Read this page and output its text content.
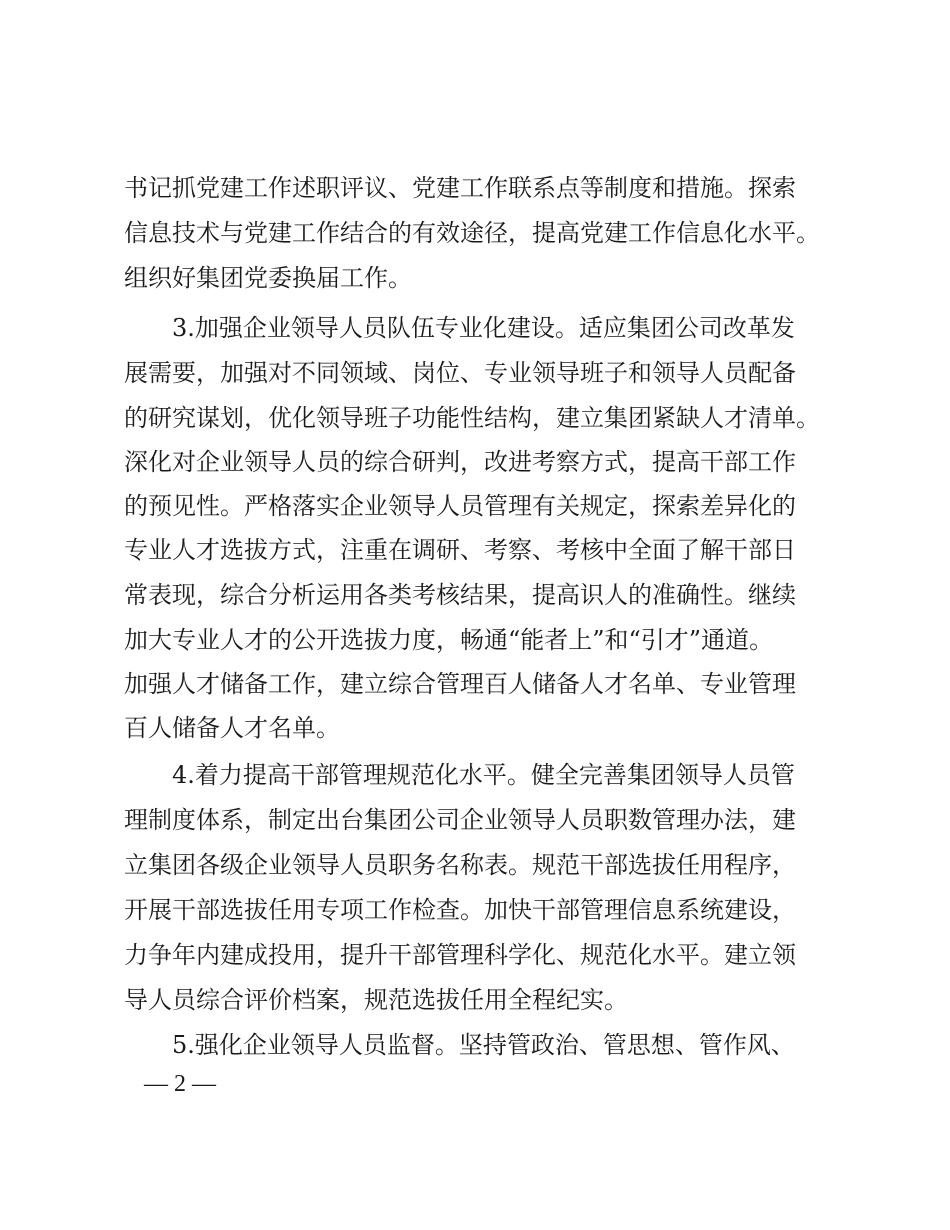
书记抓党建工作述职评议、党建工作联系点等制度和措施。探索
信息技术与党建工作结合的有效途径，提高党建工作信息化水平。
组织好集团党委换届工作。
3.加强企业领导人员队伍专业化建设。适应集团公司改革发
展需要，加强对不同领域、岗位、专业领导班子和领导人员配备
的研究谋划，优化领导班子功能性结构，建立集团紧缺人才清单。
深化对企业领导人员的综合研判，改进考察方式，提高干部工作
的预见性。严格落实企业领导人员管理有关规定，探索差异化的
专业人才选拔方式，注重在调研、考察、考核中全面了解干部日
常表现，综合分析运用各类考核结果，提高识人的准确性。继续
加大专业人才的公开选拔力度，畅通“能者上”和“引才”通道。
加强人才储备工作，建立综合管理百人储备人才名单、专业管理
百人储备人才名单。
4.着力提高干部管理规范化水平。健全完善集团领导人员管
理制度体系，制定出台集团公司企业领导人员职数管理办法，建
立集团各级企业领导人员职务名称表。规范干部选拔任用程序，
开展干部选拔任用专项工作检查。加快干部管理信息系统建设，
力争年内建成投用，提升干部管理科学化、规范化水平。建立领
导人员综合评价档案，规范选拔任用全程纪实。
5.强化企业领导人员监督。坚持管政治、管思想、管作风、
— 2 —
